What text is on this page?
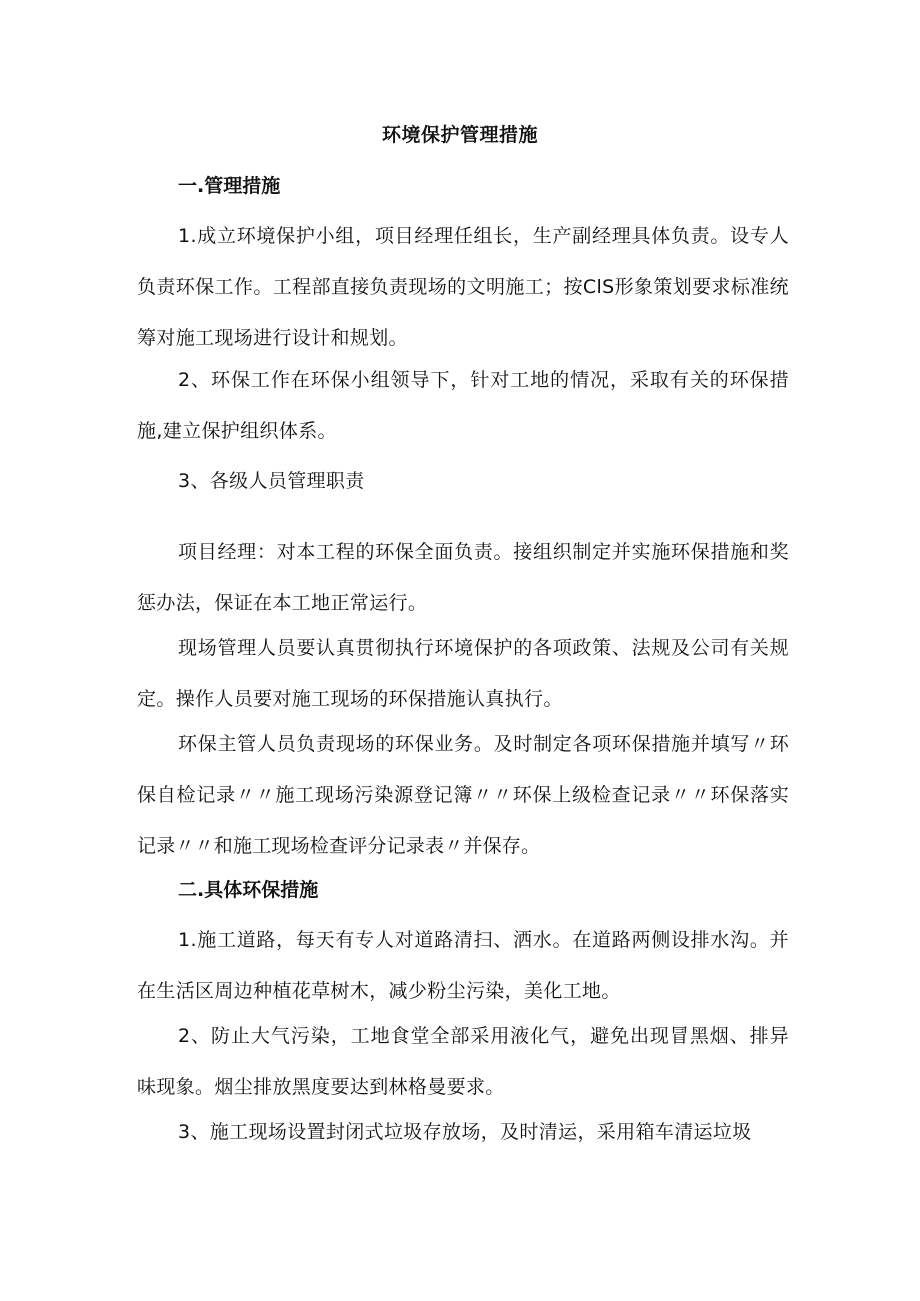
环境保护管理措施
一.管理措施
1.成立环境保护小组，项目经理任组长，生产副经理具体负责。设专人负责环保工作。工程部直接负责现场的文明施工；按ClS形象策划要求标准统筹对施工现场进行设计和规划。
2、环保工作在环保小组领导下，针对工地的情况，采取有关的环保措施,建立保护组织体系。
3、各级人员管理职责
项目经理：对本工程的环保全面负责。接组织制定并实施环保措施和奖惩办法，保证在本工地正常运行。
现场管理人员要认真贯彻执行环境保护的各项政策、法规及公司有关规定。操作人员要对施工现场的环保措施认真执行。
环保主管人员负责现场的环保业务。及时制定各项环保措施并填写〃环保自检记录〃〃施工现场污染源登记簿〃〃环保上级检查记录〃〃环保落实记录〃〃和施工现场检查评分记录表〃并保存。
二.具体环保措施
1.施工道路，每天有专人对道路清扫、洒水。在道路两侧设排水沟。并在生活区周边种植花草树木，减少粉尘污染，美化工地。
2、防止大气污染，工地食堂全部采用液化气，避免出现冒黑烟、排异味现象。烟尘排放黑度要达到林格曼要求。
3、施工现场设置封闭式垃圾存放场，及时清运，采用箱车清运垃圾
